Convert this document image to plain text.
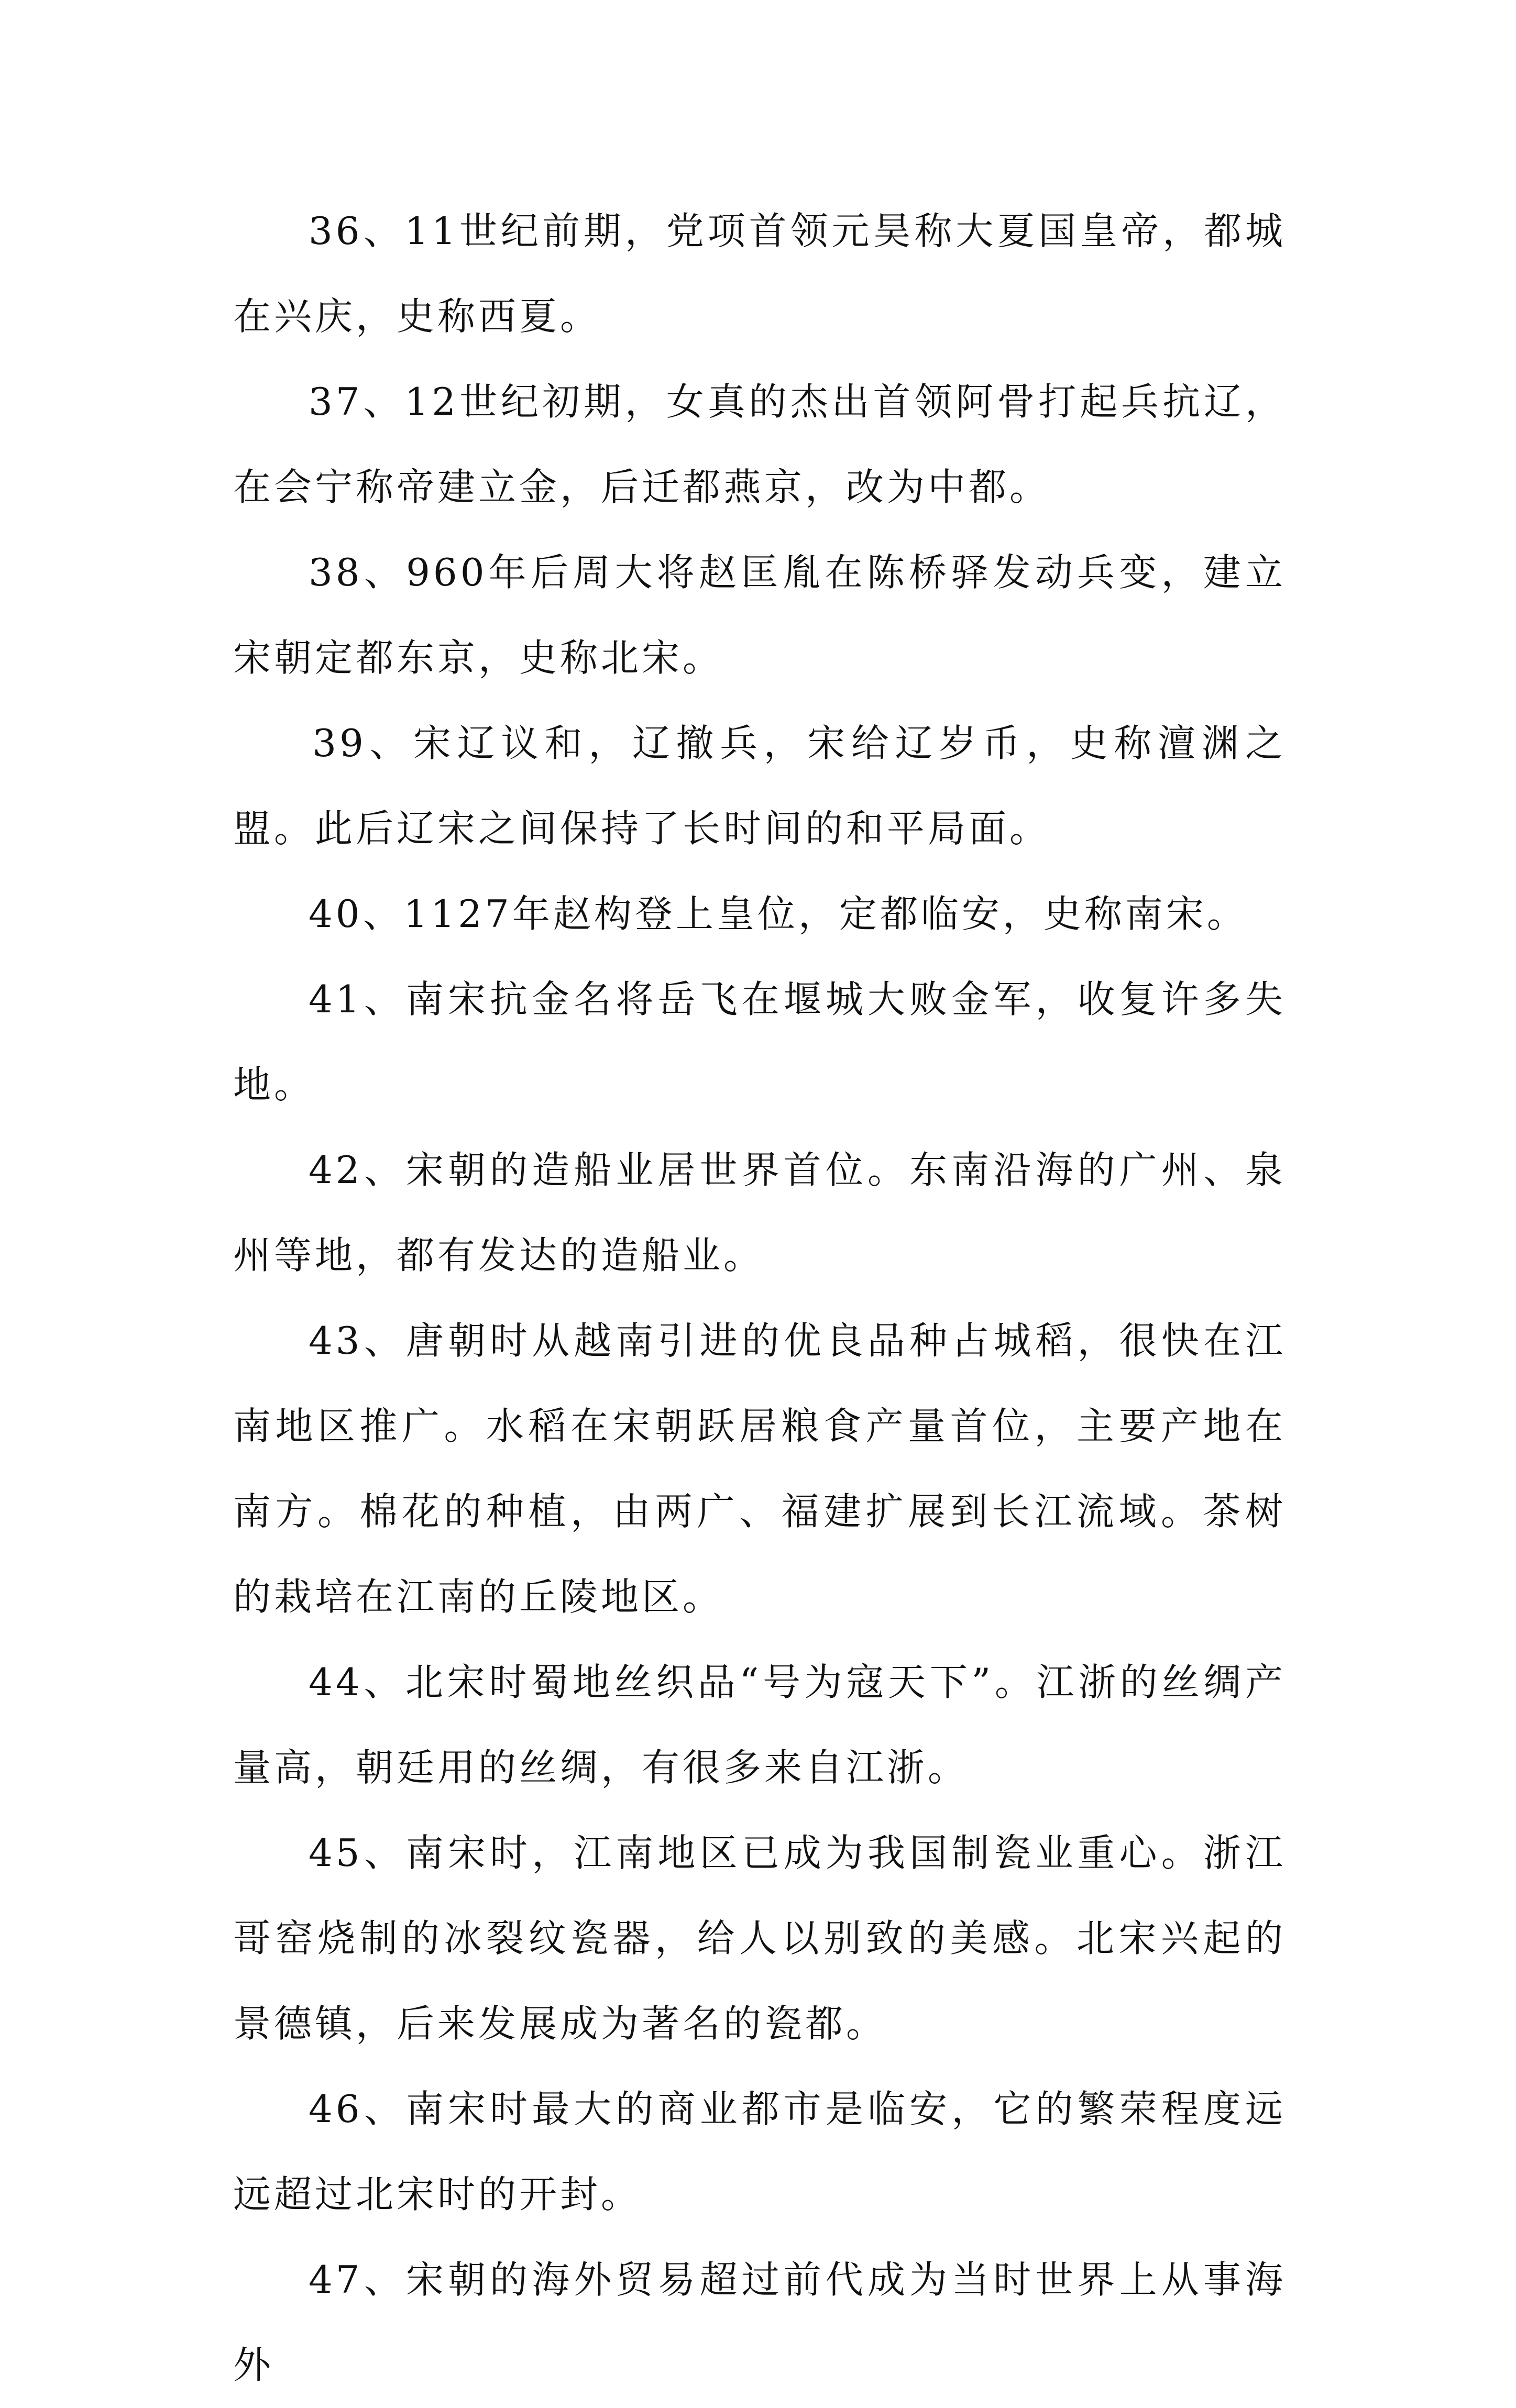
36、11世纪前期，党项首领元昊称大夏国皇帝，都城在兴庆，史称西夏。

37、12世纪初期，女真的杰出首领阿骨打起兵抗辽，在会宁称帝建立金，后迁都燕京，改为中都。

38、960年后周大将赵匡胤在陈桥驿发动兵变，建立宋朝定都东京，史称北宋。

39、宋辽议和，辽撤兵，宋给辽岁币，史称澶渊之盟。此后辽宋之间保持了长时间的和平局面。

40、1127年赵构登上皇位，定都临安，史称南宋。

41、南宋抗金名将岳飞在堰城大败金军，收复许多失地。

42、宋朝的造船业居世界首位。东南沿海的广州、泉州等地，都有发达的造船业。

43、唐朝时从越南引进的优良品种占城稻，很快在江南地区推广。水稻在宋朝跃居粮食产量首位，主要产地在南方。棉花的种植，由两广、福建扩展到长江流域。茶树的栽培在江南的丘陵地区。

44、北宋时蜀地丝织品“号为寇天下”。江浙的丝绸产量高，朝廷用的丝绸，有很多来自江浙。

45、南宋时，江南地区已成为我国制瓷业重心。浙江哥窑烧制的冰裂纹瓷器，给人以别致的美感。北宋兴起的景德镇，后来发展成为著名的瓷都。

46、南宋时最大的商业都市是临安，它的繁荣程度远远超过北宋时的开封。

47、宋朝的海外贸易超过前代成为当时世界上从事海外
